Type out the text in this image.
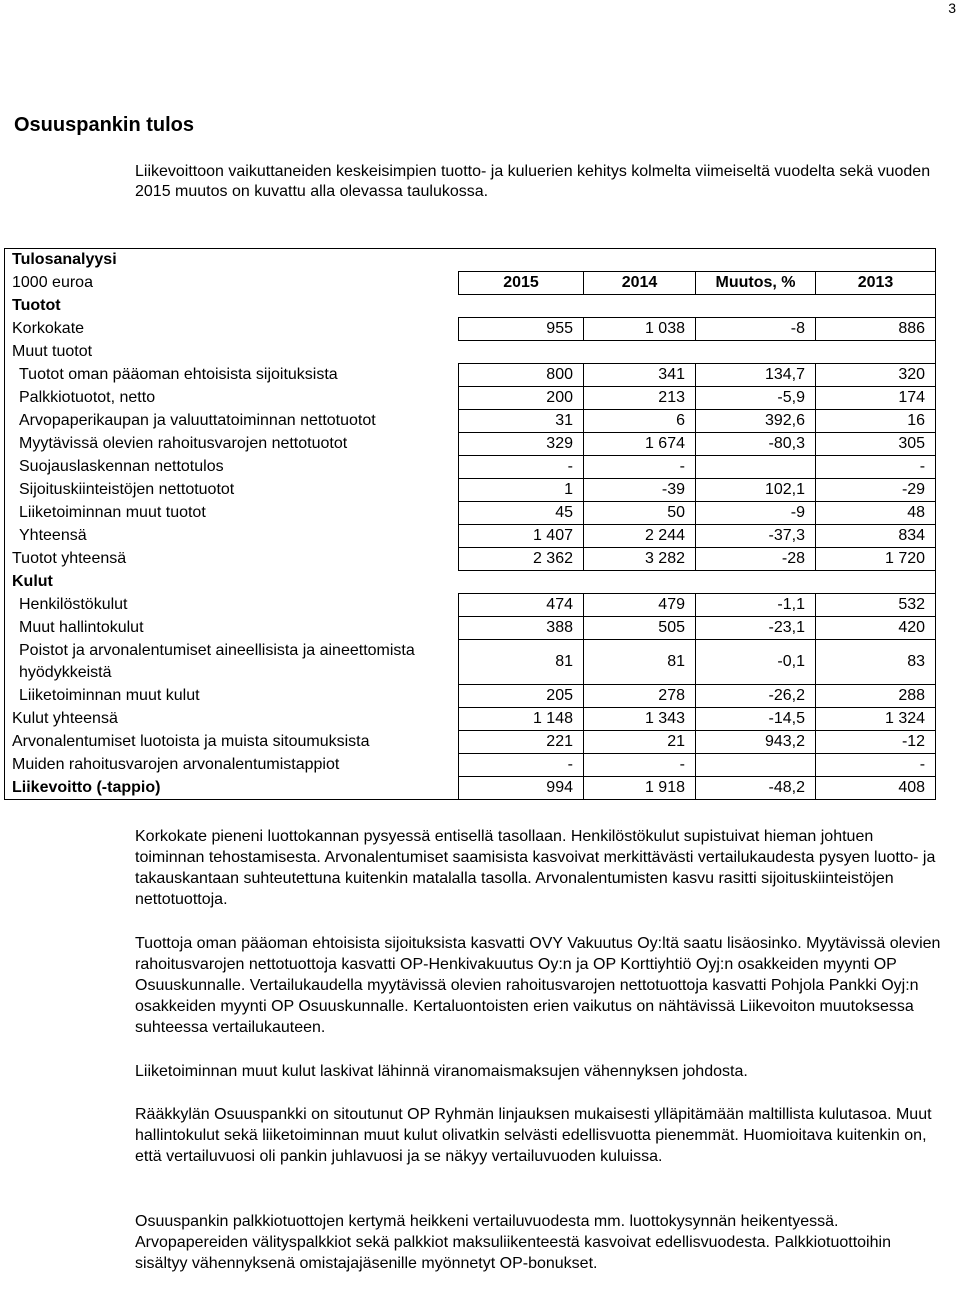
3
Osuuspankin tulos

Liikevoittoon vaikuttaneiden keskeisimpien tuotto- ja kuluerien kehitys kolmelta viimeiseltä vuodelta sekä vuoden 2015 muutos on kuvattu alla olevassa taulukossa.

Tulosanalyysi				
1000 euroa	2015	2014	Muutos, %	2013
Tuotot				
Korkokate	955	1 038	-8	886
Muut tuotot				
Tuotot oman pääoman ehtoisista sijoituksista	800	341	134,7	320
Palkkiotuotot, netto	200	213	-5,9	174
Arvopaperikaupan ja valuuttatoiminnan nettotuotot	31	6	392,6	16
Myytävissä olevien rahoitusvarojen nettotuotot	329	1 674	-80,3	305
Suojauslaskennan nettotulos	-	-		-
Sijoituskiinteistöjen nettotuotot	1	-39	102,1	-29
Liiketoiminnan muut tuotot	45	50	-9	48
Yhteensä	1 407	2 244	-37,3	834
Tuotot yhteensä	2 362	3 282	-28	1 720
Kulut				
Henkilöstökulut	474	479	-1,1	532
Muut hallintokulut	388	505	-23,1	420
Poistot ja arvonalentumiset aineellisista ja aineettomista hyödykkeistä	81	81	-0,1	83
Liiketoiminnan muut kulut	205	278	-26,2	288
Kulut yhteensä	1 148	1 343	-14,5	1 324
Arvonalentumiset luotoista ja muista sitoumuksista	221	21	943,2	-12
Muiden rahoitusvarojen arvonalentumistappiot	-	-		-
Liikevoitto (-tappio)	994	1 918	-48,2	408

Korkokate pieneni luottokannan pysyessä entisellä tasollaan. Henkilöstökulut supistuivat hieman johtuen toiminnan tehostamisesta. Arvonalentumiset saamisista kasvoivat merkittävästi vertailukaudesta pysyen luotto- ja takauskantaan suhteutettuna kuitenkin matalalla tasolla. Arvonalentumisten kasvu rasitti sijoituskiinteistöjen nettotuottoja.

Tuottoja oman pääoman ehtoisista sijoituksista kasvatti OVY Vakuutus Oy:ltä saatu lisäosinko. Myytävissä olevien rahoitusvarojen nettotuottoja kasvatti OP-Henkivakuutus Oy:n ja OP Korttiyhtiö Oyj:n osakkeiden myynti OP Osuuskunnalle. Vertailukaudella myytävissä olevien rahoitusvarojen nettotuottoja kasvatti Pohjola Pankki Oyj:n osakkeiden myynti OP Osuuskunnalle. Kertaluontoisten erien vaikutus on nähtävissä Liikevoiton muutoksessa suhteessa vertailukauteen.

Liiketoiminnan muut kulut laskivat lähinnä viranomaismaksujen vähennyksen johdosta.

Rääkkylän Osuuspankki on sitoutunut OP Ryhmän linjauksen mukaisesti ylläpitämään maltillista kulutasoa. Muut hallintokulut sekä liiketoiminnan muut kulut olivatkin selvästi edellisvuotta pienemmät. Huomioitava kuitenkin on, että vertailuvuosi oli pankin juhlavuosi ja se näkyy vertailuvuoden kuluissa.

Osuuspankin palkkiotuottojen kertymä heikkeni vertailuvuodesta mm. luottokysynnän heikentyessä. Arvopapereiden välityspalkkiot sekä palkkiot maksuliikenteestä kasvoivat edellisvuodesta. Palkkiotuottoihin sisältyy vähennyksenä omistajajäsenille myönnetyt OP-bonukset.
